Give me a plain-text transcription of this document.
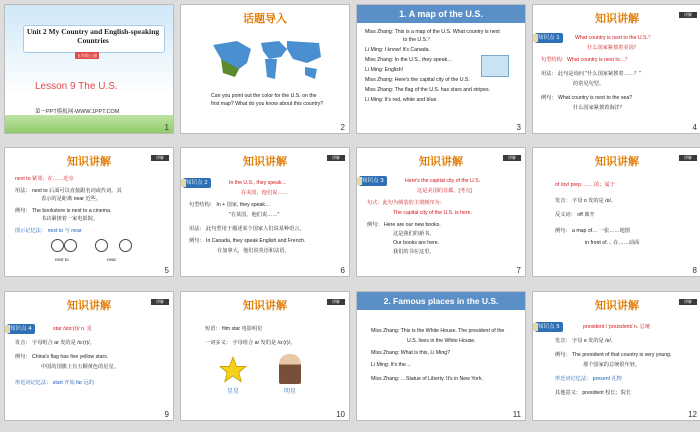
Unit 2 My Country and English-speaking Countries
五年级上册
Lesson 9 The U.S.
第一PPT模板网-WWW.1PPT.COM
1
话题导入
Can you point out the color for the U.S. on the
first map? What do you know about this country?
2
1. A map of the U.S.
Miss Zhang: This is a map of the U.S. What country is next
to the U.S.？
Li Ming: I know! It's Canada.
Miss Zhang: In the U.S., they speak…
Li Ming: English!
Miss Zhang: Here's the capital city of the U.S.
Miss Zhang: The flag of the U.S. has stars and stripes.
Li Ming: It's red, white and blue.
3
知识讲解	讲解
知识点 1	What country is next to the U.S.？
什么国家紧挨着美国？
句型结构：What country is next to…？
用法： 此句是询问 "什么国家紧挨着……？"
的常见句型。
例句： What country is next to the sea?
什么国家紧挨着海洋？
4
知识讲解	讲解
next to 紧邻；在……近旁
用法： next to 后面可以直接跟名词或代词。其
表示的是距离 near 近些。
例句： The bookstore is next to a cinema.
书店紧挨着一家电影院。
图示记忆法： next to 与 near
next to	near
5
知识讲解	讲解
知识点 2	In the U.S., they speak…
在美国，他们说……
句型结构： In + 国家, they speak…
"在某国，他们说……"
用法： 此句型用于描述某个国家人们说某种语言。
例句： In Canada, they speak English and French.
在加拿大，他们说英语和法语。
6
知识讲解	讲解
知识点 3	Here's the capital city of the U.S.
这是美国的首都。[考点]
句式：此句为倒装的主谓倒序为：
The capital city of the U.S. is here.
例句： Here are our new books.
这是我们的新书。
Our books are here.
我们的书在这里。
7
知识讲解	讲解
of /ɒv/ prep. ……的；属于
发音： 字母 o 发的是 /ɒ/。
反义词： off 离开
例句： a map of… 一张……地图
in front of… 在……前面
8
知识讲解	讲解
知识点 4	star /stɑː(r)/ n. 星
发音： 字母组合 ar 发的是 /ɑː(r)/。
例句： China's flag has five yellow stars.
中国的国旗上有五颗黄色的星星。
形近词记忆法： start 开始 far 远的
9
知识讲解	讲解
短语： film star 电影明星
一词多义： 字母组合 ar 发的是 /ɑː(r)/。
星星	明星
10
2. Famous places in the U.S.
Miss Zhang: This is the White House. The president of the
U.S. lives in the White House.
Miss Zhang: What is this, Li Ming?
Li Ming: It's the…
Miss Zhang: …Statue of Liberty. It's in New York.
11
知识讲解	讲解
知识点 5	president /ˈprezɪdənt/ n. 总统
发音： 字母 e 发的是 /e/。
例句： The president of that country is very young.
那个国家的总统很年轻。
形近词记忆法： present 礼物
其他意义： president 校长；院长
12
